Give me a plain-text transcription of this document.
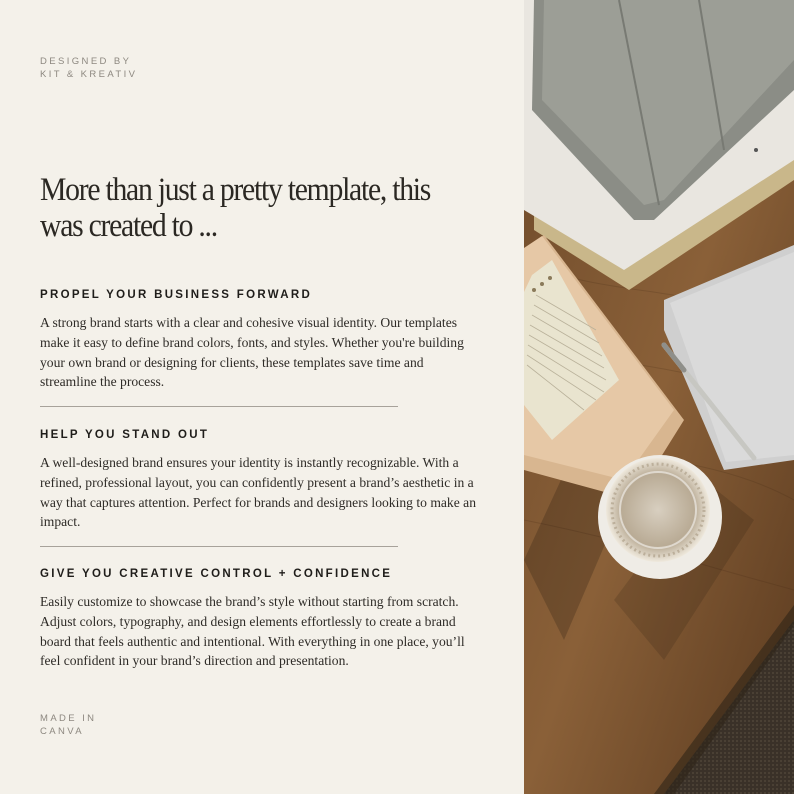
DESIGNED BY
KIT & KREATIV
More than just a pretty template, this was created to ...
PROPEL YOUR BUSINESS FORWARD

A strong brand starts with a clear and cohesive visual identity. Our templates make it easy to define brand colors, fonts, and styles. Whether you're building your own brand or designing for clients, these templates save time and streamline the process.

HELP YOU STAND OUT

A well-designed brand ensures your identity is instantly recognizable. With a refined, professional layout, you can confidently present a brand’s aesthetic in a way that captures attention. Perfect for brands and designers looking to make an impact.

GIVE YOU CREATIVE CONTROL + CONFIDENCE

Easily customize to showcase the brand’s style without starting from scratch. Adjust colors, typography, and design elements effortlessly to create a brand board that feels authentic and intentional. With everything in one place, you’ll feel confident in your brand’s direction and presentation.

MADE IN
CANVA
